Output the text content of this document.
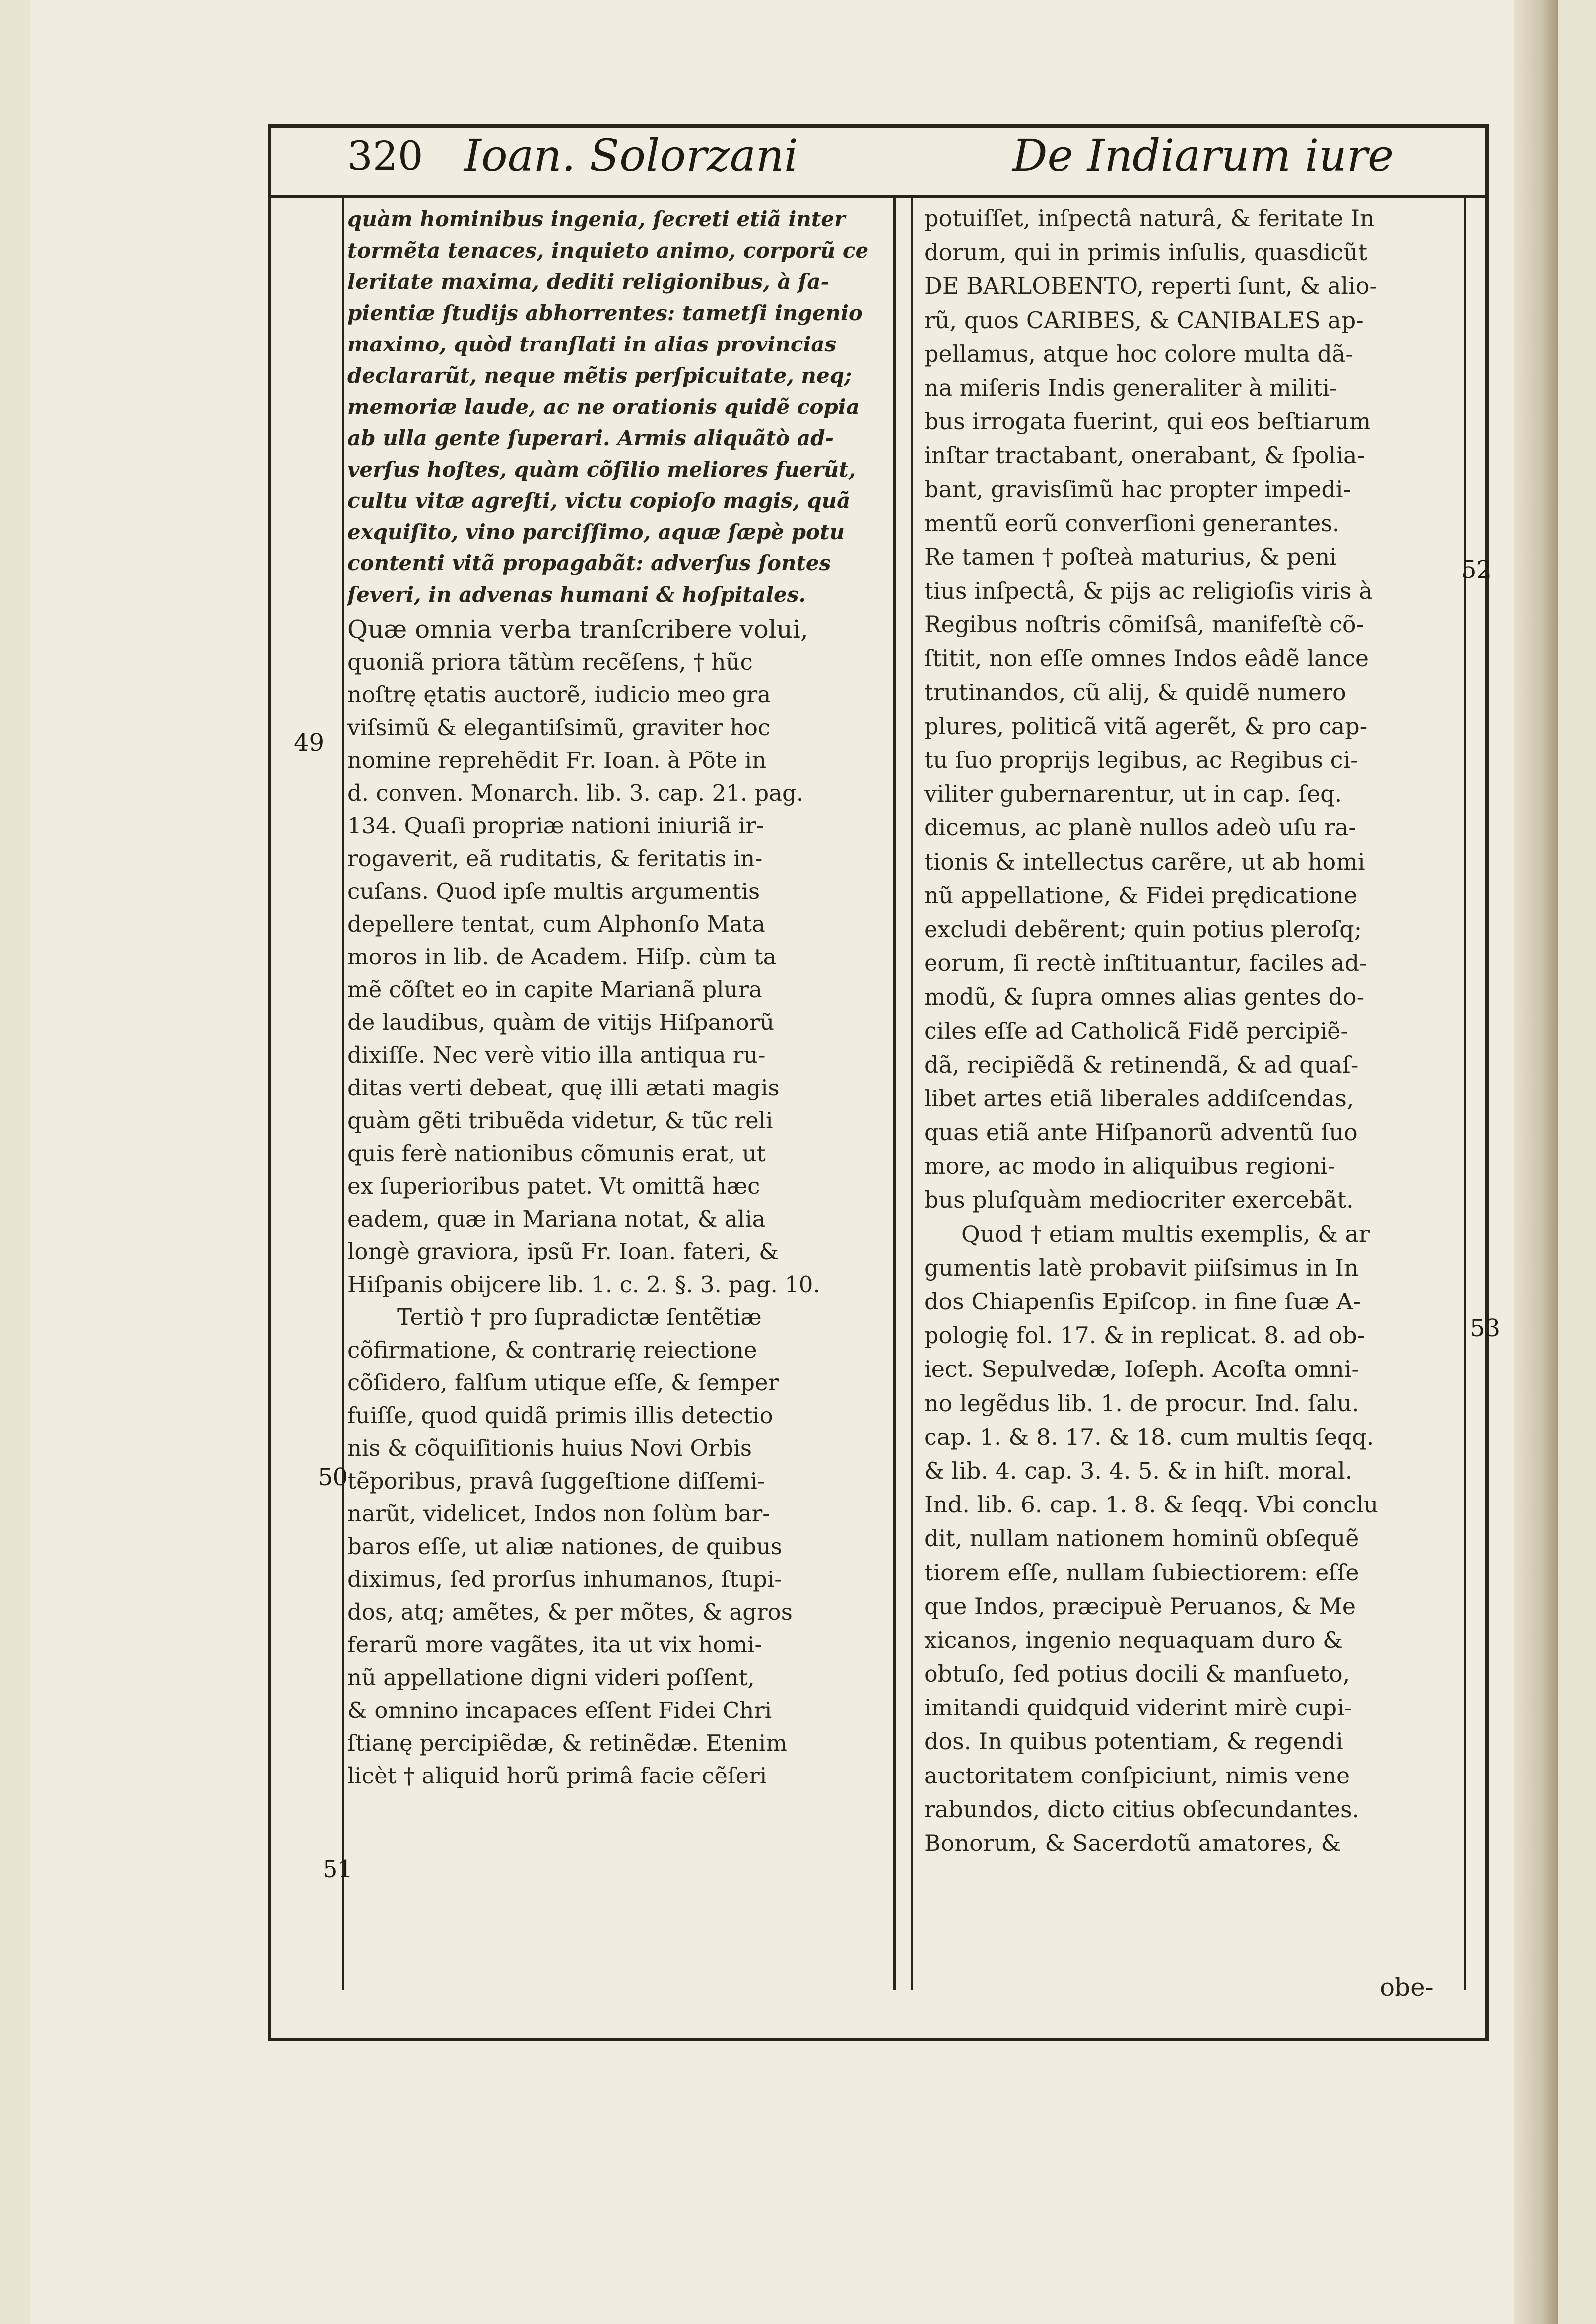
320 Ioan. Solorzani	De Indiarum iure
49
50
51
52
53
quàm hominibus ingenia, ſecreti etiã inter
tormẽta tenaces, inquieto animo, corporũ ce
leritate maxima, dediti religionibus, à ſa-
pientiæ ſtudijs abhorrentes: tametſi ingenio
maximo, quòd tranſlati in alias provincias
declararũt, neque mẽtis perſpicuitate, neq;
memoriæ laude, ac ne orationis quidẽ copia
ab ulla gente ſuperari. Armis aliquãtò ad-
verſus hoſtes, quàm cõſilio meliores fuerũt,
cultu vitæ agreſti, victu copioſo magis, quã
exquiſito, vino parciſſimo, aquæ ſæpè potu
contenti vitã propagabãt: adverſus ſontes
ſeveri, in advenas humani & hoſpitales.
Quæ omnia verba tranſcribere volui,
quoniã priora tãtùm recẽſens, † hũc
noſtrę ętatis auctorẽ, iudicio meo gra
viſsimũ & elegantiſsimũ, graviter hoc
nomine reprehẽdit Fr. Ioan. à Põte in
d. conven. Monarch. lib. 3. cap. 21. pag.
134. Quaſi propriæ nationi iniuriã ir-
rogaverit, eã ruditatis, & feritatis in-
cuſans. Quod ipſe multis argumentis
depellere tentat, cum Alphonſo Mata
moros in lib. de Academ. Hiſp. cùm ta
mẽ cõſtet eo in capite Marianã plura
de laudibus, quàm de vitijs Hiſpanorũ
dixiſſe. Nec verè vitio illa antiqua ru-
ditas verti debeat, quę illi ætati magis
quàm gẽti tribuẽda videtur, & tũc reli
quis ferè nationibus cõmunis erat, ut
ex ſuperioribus patet. Vt omittã hæc
eadem, quæ in Mariana notat, & alia
longè graviora, ipsũ Fr. Ioan. fateri, &
Hiſpanis obijcere lib. 1. c. 2. §. 3. pag. 10.
Tertiò † pro ſupradictæ ſentẽtiæ
cõfirmatione, & contrarię reiectione
cõſidero, falſum utique eſſe, & ſemper
fuiſſe, quod quidã primis illis detectio
nis & cõquiſitionis huius Novi Orbis
tẽporibus, pravâ ſuggeſtione diſſemi-
narũt, videlicet, Indos non ſolùm bar-
baros eſſe, ut aliæ nationes, de quibus
diximus, ſed prorſus inhumanos, ſtupi-
dos, atq; amẽtes, & per mõtes, & agros
ferarũ more vagãtes, ita ut vix homi-
nũ appellatione digni videri poſſent,
& omnino incapaces eſſent Fidei Chri
ſtianę percipiẽdæ, & retinẽdæ. Etenim
licèt † aliquid horũ primâ facie cẽſeri
potuiſſet, inſpectâ naturâ, & feritate In
dorum, qui in primis inſulis, quasdicũt
DE BARLOBENTO, reperti ſunt, & alio-
rũ, quos CARIBES, & CANIBALES ap-
pellamus, atque hoc colore multa dã-
na miſeris Indis generaliter à militi-
bus irrogata fuerint, qui eos beſtiarum
inſtar tractabant, onerabant, & ſpolia-
bant, gravisſimũ hac propter impedi-
mentũ eorũ converſioni generantes.
Re tamen † poſteà maturius, & peni
tius inſpectâ, & pijs ac religioſis viris à
Regibus noſtris cõmiſsâ, manifeſtè cõ-
ſtitit, non eſſe omnes Indos eâdẽ lance
trutinandos, cũ alij, & quidẽ numero
plures, politicã vitã agerẽt, & pro cap-
tu ſuo proprijs legibus, ac Regibus ci-
viliter gubernarentur, ut in cap. ſeq.
dicemus, ac planè nullos adeò uſu ra-
tionis & intellectus carẽre, ut ab homi
nũ appellatione, & Fidei prędicatione
excludi debẽrent; quin potius pleroſq;
eorum, ſi rectè inſtituantur, faciles ad-
modũ, & ſupra omnes alias gentes do-
ciles eſſe ad Catholicã Fidẽ percipiẽ-
dã, recipiẽdã & retinendã, & ad quaſ-
libet artes etiã liberales addiſcendas,
quas etiã ante Hiſpanorũ adventũ ſuo
more, ac modo in aliquibus regioni-
bus pluſquàm mediocriter exercebãt.
Quod † etiam multis exemplis, & ar
gumentis latè probavit piiſsimus in In
dos Chiapenſis Epiſcop. in fine ſuæ A-
pologię fol. 17. & in replicat. 8. ad ob-
iect. Sepulvedæ, Ioſeph. Acoſta omni-
no legẽdus lib. 1. de procur. Ind. ſalu.
cap. 1. & 8. 17. & 18. cum multis ſeqq.
& lib. 4. cap. 3. 4. 5. & in hiſt. moral.
Ind. lib. 6. cap. 1. 8. & ſeqq. Vbi conclu
dit, nullam nationem hominũ obſequẽ
tiorem eſſe, nullam ſubiectiorem: eſſe
que Indos, præcipuè Peruanos, & Me
xicanos, ingenio nequaquam duro &
obtuſo, ſed potius docili & manſueto,
imitandi quidquid viderint mirè cupi-
dos. In quibus potentiam, & regendi
auctoritatem conſpiciunt, nimis vene
rabundos, dicto citius obſecundantes.
Bonorum, & Sacerdotũ amatores, &
obe-
